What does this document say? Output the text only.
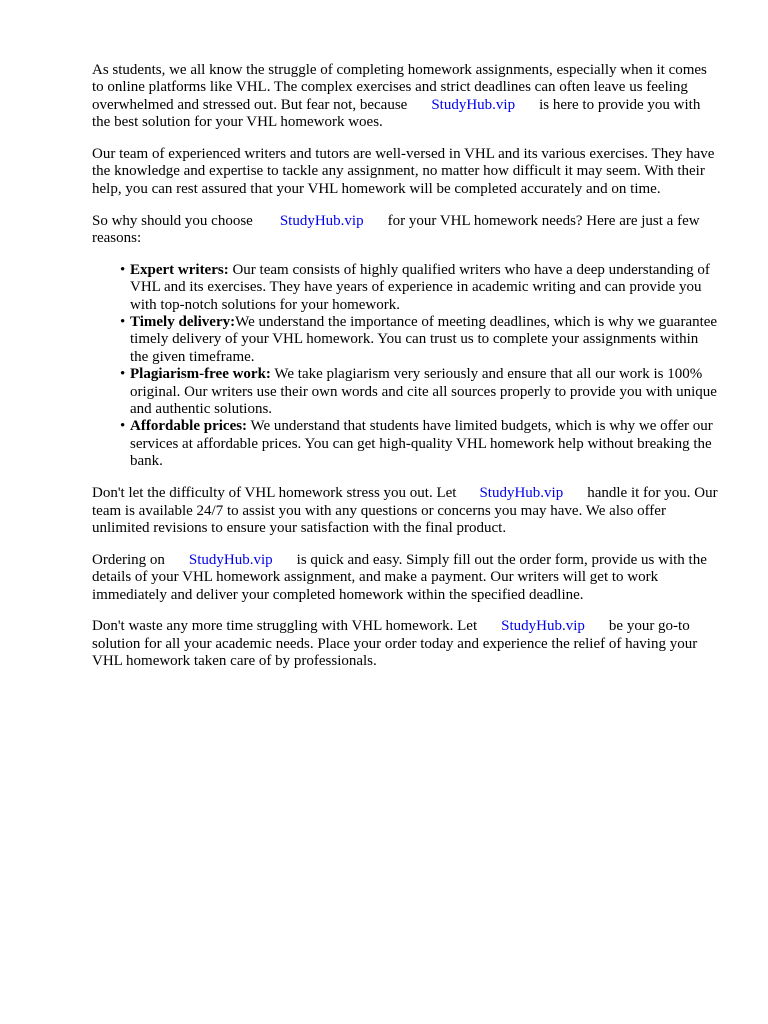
As students, we all know the struggle of completing homework assignments, especially when it comes to online platforms like VHL. The complex exercises and strict deadlines can often leave us feeling overwhelmed and stressed out. But fear not, because StudyHub.vip is here to provide you with the best solution for your VHL homework woes.

Our team of experienced writers and tutors are well-versed in VHL and its various exercises. They have the knowledge and expertise to tackle any assignment, no matter how difficult it may seem. With their help, you can rest assured that your VHL homework will be completed accurately and on time.

So why should you choose StudyHub.vip for your VHL homework needs? Here are just a few reasons:

• Expert writers: Our team consists of highly qualified writers who have a deep understanding of VHL and its exercises. They have years of experience in academic writing and can provide you with top-notch solutions for your homework.
• Timely delivery:We understand the importance of meeting deadlines, which is why we guarantee timely delivery of your VHL homework. You can trust us to complete your assignments within the given timeframe.
• Plagiarism-free work: We take plagiarism very seriously and ensure that all our work is 100% original. Our writers use their own words and cite all sources properly to provide you with unique and authentic solutions.
• Affordable prices: We understand that students have limited budgets, which is why we offer our services at affordable prices. You can get high-quality VHL homework help without breaking the bank.

Don't let the difficulty of VHL homework stress you out. Let StudyHub.vip handle it for you. Our team is available 24/7 to assist you with any questions or concerns you may have. We also offer unlimited revisions to ensure your satisfaction with the final product.

Ordering on StudyHub.vip is quick and easy. Simply fill out the order form, provide us with the details of your VHL homework assignment, and make a payment. Our writers will get to work immediately and deliver your completed homework within the specified deadline.

Don't waste any more time struggling with VHL homework. Let StudyHub.vip be your go-to solution for all your academic needs. Place your order today and experience the relief of having your VHL homework taken care of by professionals.
